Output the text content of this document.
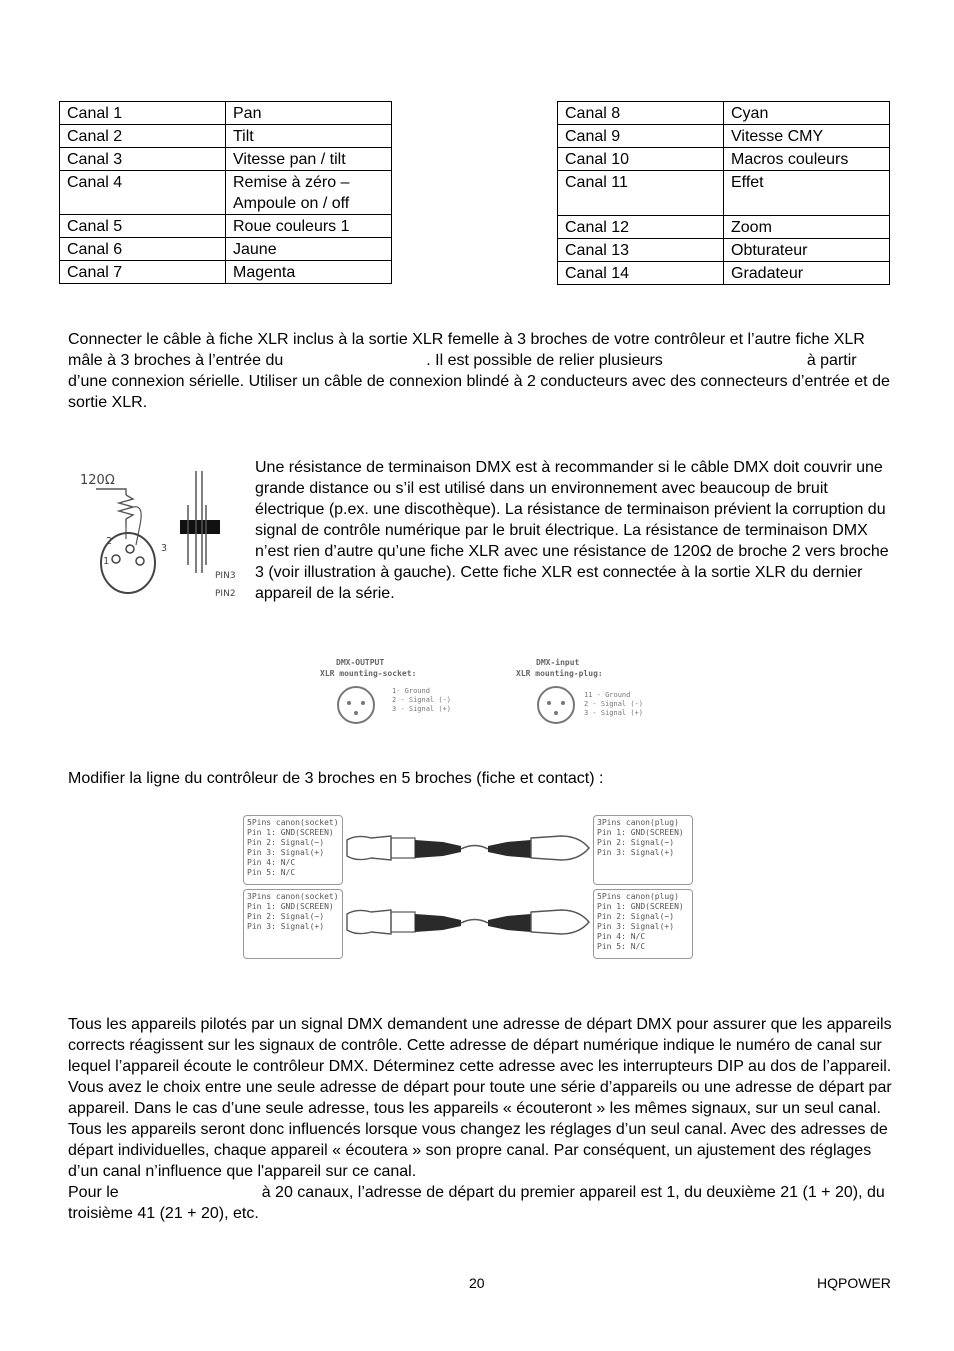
Canal 1	Pan
Canal 2	Tilt
Canal 3	Vitesse pan / tilt
Canal 4	Remise à zéro –
Ampoule on / off

Canal 5	Roue couleurs 1
Canal 6	Jaune
Canal 7	Magenta
Canal 8	Cyan
Canal 9	Vitesse CMY
Canal 10	Macros couleurs
Canal 11	Effet
Canal 12	Zoom
Canal 13	Obturateur
Canal 14	Gradateur

Connecter le câble à fiche XLR inclus à la sortie XLR femelle à 3 broches de votre contrôleur et l’autre fiche XLR

mâle à 3 broches à l’entrée du	. Il est possible de relier plusieurs	à partir

d’une connexion sérielle. Utiliser un câble de connexion blindé à 2 conducteurs avec des connecteurs d’entrée et de

sortie XLR.

120Ω
1
2
3
PIN3
PIN2

Une résistance de terminaison DMX est à recommander si le câble DMX doit couvrir une

grande distance ou s’il est utilisé dans un environnement avec beaucoup de bruit

électrique (p.ex. une discothèque). La résistance de terminaison prévient la corruption du

signal de contrôle numérique par le bruit électrique. La résistance de terminaison DMX

n’est rien d’autre qu’une fiche XLR avec une résistance de 120Ω de broche 2 vers broche

3 (voir illustration à gauche). Cette fiche XLR est connectée à la sortie XLR du dernier

appareil de la série.

DMX-OUTPUT
XLR mounting-socket:
DMX-input
XLR mounting-plug:
1- Ground
2 - Signal (-)
3 - Signal (+)
11 - Ground
2 - Signal (-)
3 - Signal (+)

Modifier la ligne du contrôleur de 3 broches en 5 broches (fiche et contact) :

5Pins canon(socket)
Pin 1: GND(SCREEN)
Pin 2: Signal(−)
Pin 3: Signal(+)
Pin 4: N/C
Pin 5: N/C
3Pins canon(plug)
Pin 1: GND(SCREEN)
Pin 2: Signal(−)
Pin 3: Signal(+)
3Pins canon(socket)
Pin 1: GND(SCREEN)
Pin 2: Signal(−)
Pin 3: Signal(+)
5Pins canon(plug)
Pin 1: GND(SCREEN)
Pin 2: Signal(−)
Pin 3: Signal(+)
Pin 4: N/C
Pin 5: N/C

Tous les appareils pilotés par un signal DMX demandent une adresse de départ DMX pour assurer que les appareils

corrects réagissent sur les signaux de contrôle. Cette adresse de départ numérique indique le numéro de canal sur

lequel l’appareil écoute le contrôleur DMX. Déterminez cette adresse avec les interrupteurs DIP au dos de l’appareil.

Vous avez le choix entre une seule adresse de départ pour toute une série d’appareils ou une adresse de départ par

appareil. Dans le cas d’une seule adresse, tous les appareils « écouteront » les mêmes signaux, sur un seul canal.

Tous les appareils seront donc influencés lorsque vous changez les réglages d’un seul canal. Avec des adresses de

départ individuelles, chaque appareil « écoutera » son propre canal. Par conséquent, un ajustement des réglages

d’un canal n’influence que l'appareil sur ce canal.

Pour le	à 20 canaux, l’adresse de départ du premier appareil est 1, du deuxième 21 (1 + 20), du

troisième 41 (21 + 20), etc.

20	HQPOWER
